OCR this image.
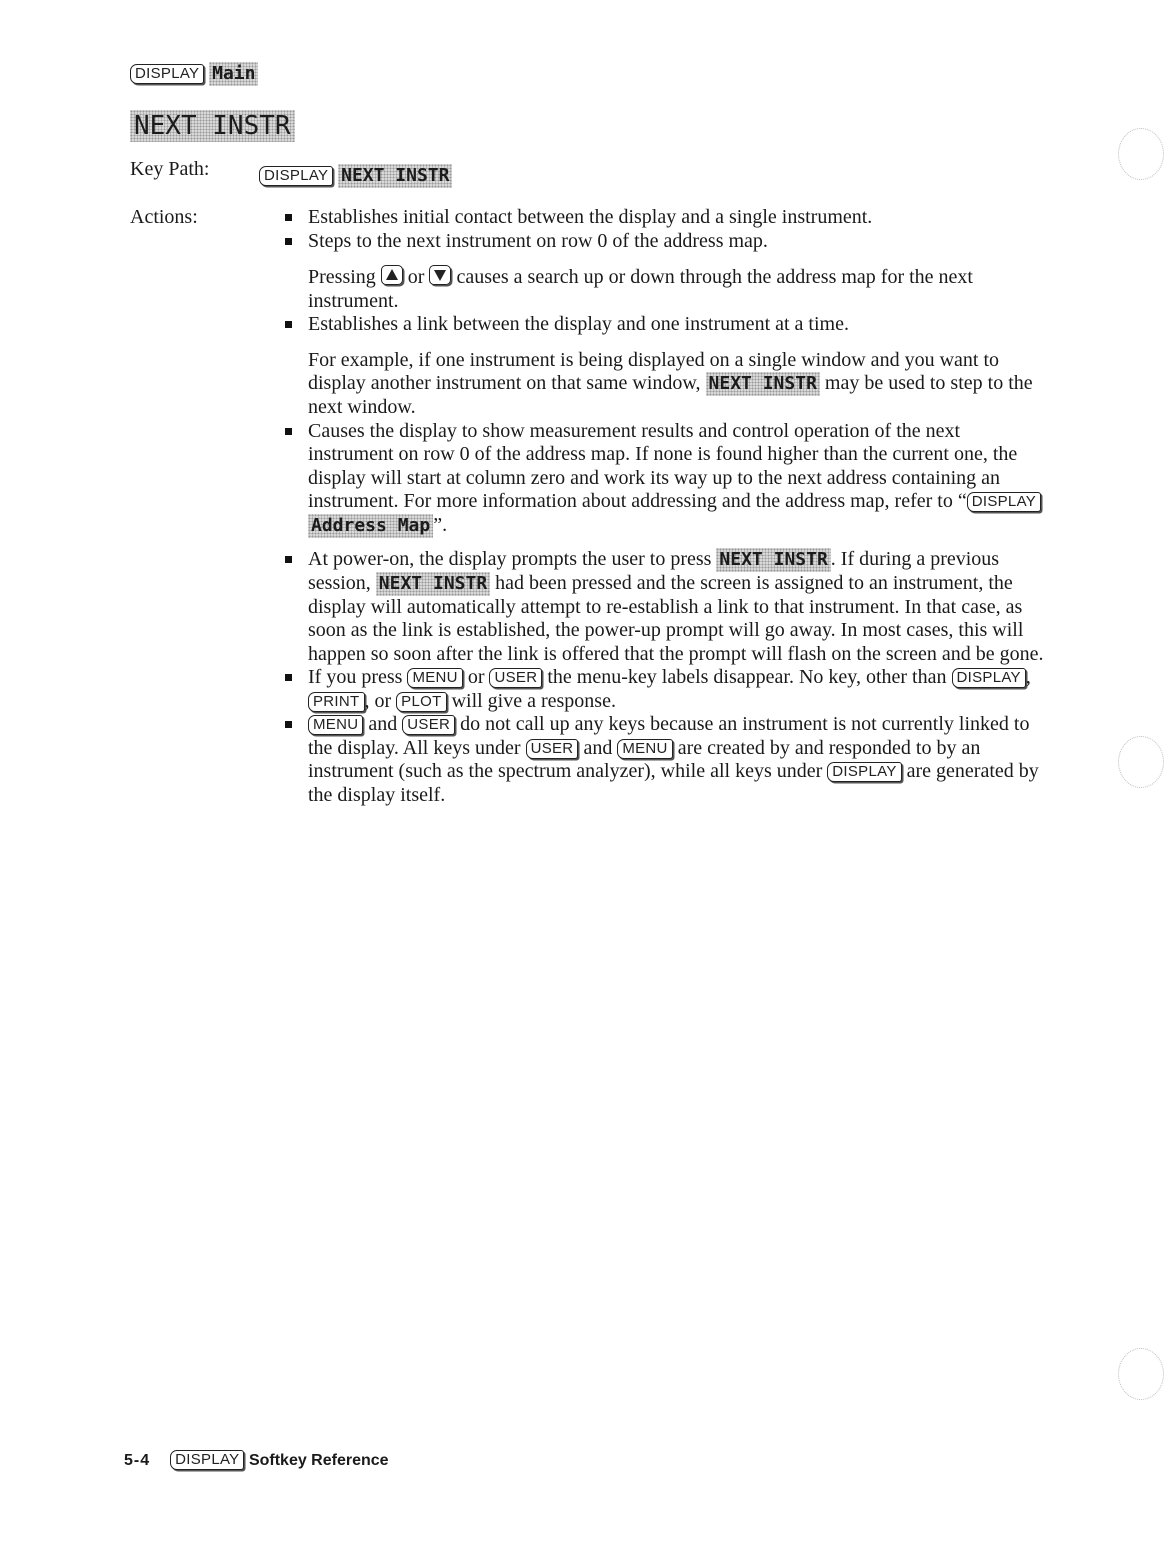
DISPLAY Main
NEXT INSTR
Key Path:	DISPLAY NEXT INSTR
Actions:	Establishes initial contact between the display and a single instrument.

Steps to the next instrument on row 0 of the address map.

Pressing or causes a search up or down through the address map for the next instrument.

Establishes a link between the display and one instrument at a time.

For example, if one instrument is being displayed on a single window and you want to display another instrument on that same window, NEXT INSTR may be used to step to the next window.

Causes the display to show measurement results and control operation of the next instrument on row 0 of the address map. If none is found higher than the current one, the display will start at column zero and work its way up to the next address containing an instrument. For more information about addressing and the address map, refer to “ DISPLAY Address Map ”.

At power-on, the display prompts the user to press NEXT INSTR . If during a previous session, NEXT INSTR had been pressed and the screen is assigned to an instrument, the display will automatically attempt to re-establish a link to that instrument. In that case, as soon as the link is established, the power-up prompt will go away. In most cases, this will happen so soon after the link is offered that the prompt will flash on the screen and be gone.

If you press MENU or USER the menu-key labels disappear. No key, other than DISPLAY , PRINT , or PLOT will give a response.

MENU and USER do not call up any keys because an instrument is not currently linked to the display. All keys under USER and MENU are created by and responded to by an instrument (such as the spectrum analyzer), while all keys under DISPLAY are generated by the display itself.

5-4 DISPLAY Softkey Reference
